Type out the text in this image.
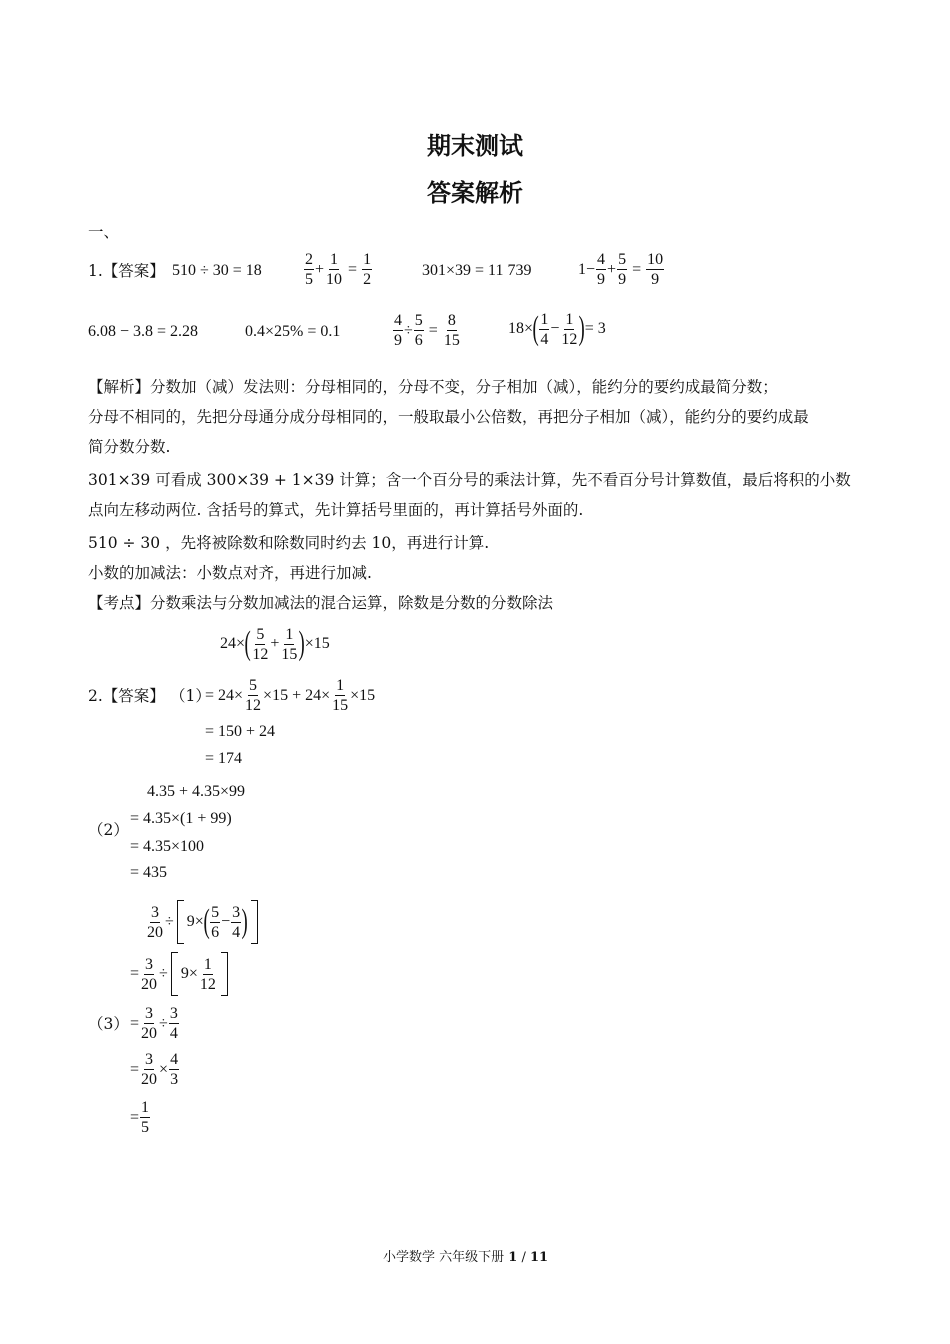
期末测试
答案解析
一、
1.【答案】 510 ÷ 30 = 18	$\frac{2}{5} + \frac{1}{10} = \frac{1}{2}$	301×39 = 11 739	$1- \frac{4}{9} + \frac{5}{9} = \frac{10}{9}$
6.08 − 3.8 = 2.28	0.4×25% = 0.1	$\frac{4}{9} \div \frac{5}{6} = \frac{8}{15}$	18× ( $\frac{1}{4} - \frac{1}{12}$ ) = 3
【解析】分数加（减）发法则：分母相同的，分母不变，分子相加（减），能约分的要约成最简分数；
分母不相同的，先把分母通分成分母相同的，一般取最小公倍数，再把分子相加（减），能约分的要约成最
简分数分数.
301×39 可看成 300×39 + 1×39 计算；含一个百分号的乘法计算，先不看百分号计算数值，最后将积的小数
点向左移动两位. 含括号的算式，先计算括号里面的，再计算括号外面的.
510 ÷ 30 ，先将被除数和除数同时约去 10，再进行计算.
小数的加减法：小数点对齐，再进行加减.
【考点】分数乘法与分数加减法的混合运算，除数是分数的分数除法
24× ( $\frac{5}{12} + \frac{1}{15}$ ) ×15
2.【答案】 （1）
= $24\times \frac{5}{12} \times 15 + 24\times \frac{1}{15} \times 15$
= 150 + 24
= 174
4.35 + 4.35×99
（2）
= 4.35×(1 + 99)
= 4.35×100
= 435
$\frac{3}{20} \div 9\times$ ( $\frac{5}{6} - \frac{3}{4}$ )
= $\frac{3}{20} \div 9\times \frac{1}{12}$
$(3) = \frac{3}{20} \div \frac{3}{4}$
= $\frac{3}{20} \times \frac{4}{3}$
= $\frac{1}{5}$
小学数学 六年级下册 1 / 11
